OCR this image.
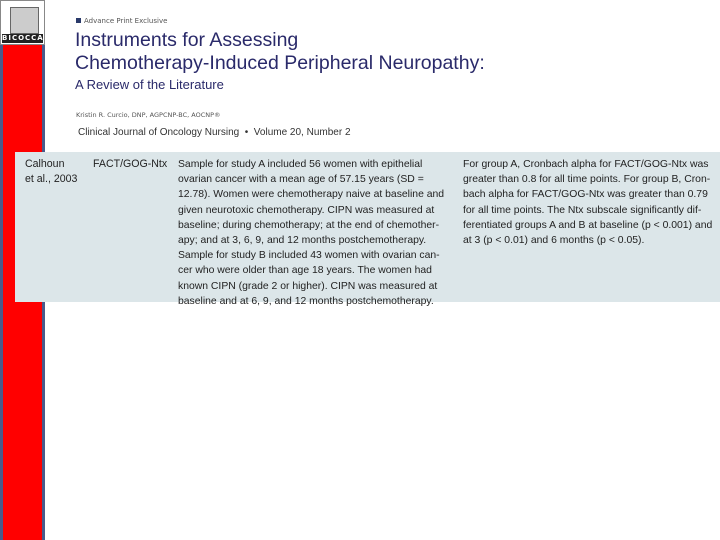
BICOCCA
Advance Print Exclusive
Instruments for Assessing
Chemotherapy-Induced Peripheral Neuropathy:
A Review of the Literature
Kristin R. Curcio, DNP, AGPCNP-BC, AOCNP®
Clinical Journal of Oncology Nursing  •  Volume 20, Number 2
Calhoun
et al., 2003
FACT/GOG-Ntx Sample for study A included 56 women with epithelial
ovarian cancer with a mean age of 57.15 years (SD =
12.78). Women were chemotherapy naive at baseline and
given neurotoxic chemotherapy. CIPN was measured at
baseline; during chemotherapy; at the end of chemother-
apy; and at 3, 6, 9, and 12 months postchemotherapy.
Sample for study B included 43 women with ovarian can-
cer who were older than age 18 years. The women had
known CIPN (grade 2 or higher). CIPN was measured at
baseline and at 6, 9, and 12 months postchemotherapy.
For group A, Cronbach alpha for FACT/GOG-Ntx was
greater than 0.8 for all time points. For group B, Cron-
bach alpha for FACT/GOG-Ntx was greater than 0.79
for all time points. The Ntx subscale significantly dif-
ferentiated groups A and B at baseline (p < 0.001) and
at 3 (p < 0.01) and 6 months (p < 0.05).
